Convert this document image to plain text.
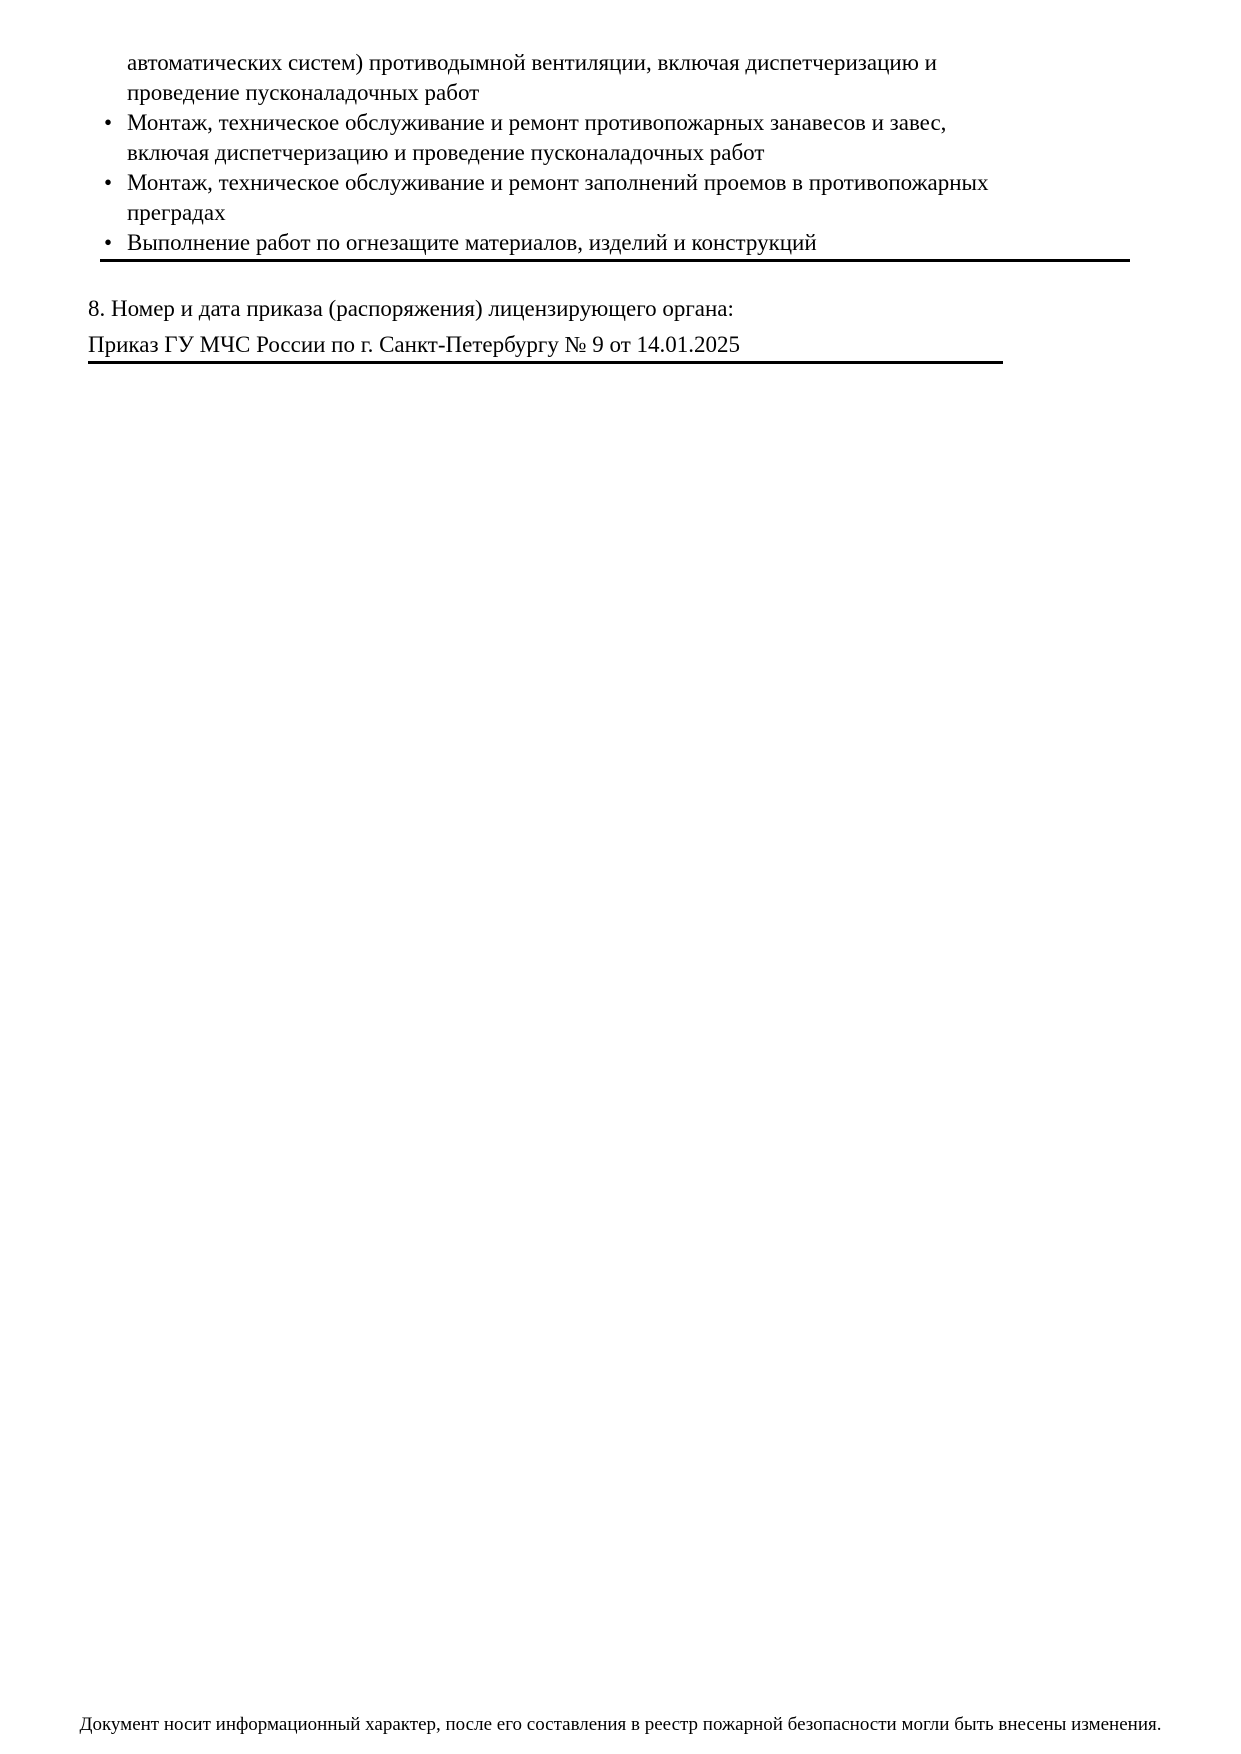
автоматических систем) противодымной вентиляции, включая диспетчеризацию и проведение пусконаладочных работ

• Монтаж, техническое обслуживание и ремонт противопожарных занавесов и завес, включая диспетчеризацию и проведение пусконаладочных работ
• Монтаж, техническое обслуживание и ремонт заполнений проемов в противопожарных преградах
• Выполнение работ по огнезащите материалов, изделий и конструкций
8. Номер и дата приказа (распоряжения) лицензирующего органа:
Приказ ГУ МЧС России по г. Санкт-Петербургу № 9 от 14.01.2025
Документ носит информационный характер, после его составления в реестр пожарной безопасности могли быть внесены изменения.
